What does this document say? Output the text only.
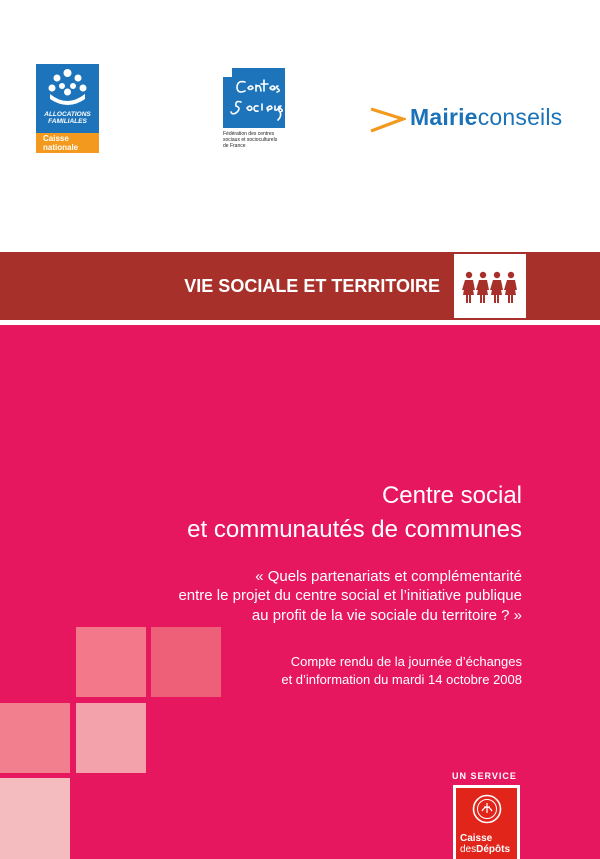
ALLOCATIONS
FAMILIALES
Caisse
nationale
Fédération des centres
sociaux et socioculturels
de France
Mairieconseils
VIE SOCIALE ET TERRITOIRE
Centre social
et communautés de communes
« Quels partenariats et complémentarité
entre le projet du centre social et l’initiative publique
au profit de la vie sociale du territoire ? »
Compte rendu de la journée d’échanges
et d’information du mardi 14 octobre 2008
UN SERVICE
Caisse
desDépôts
